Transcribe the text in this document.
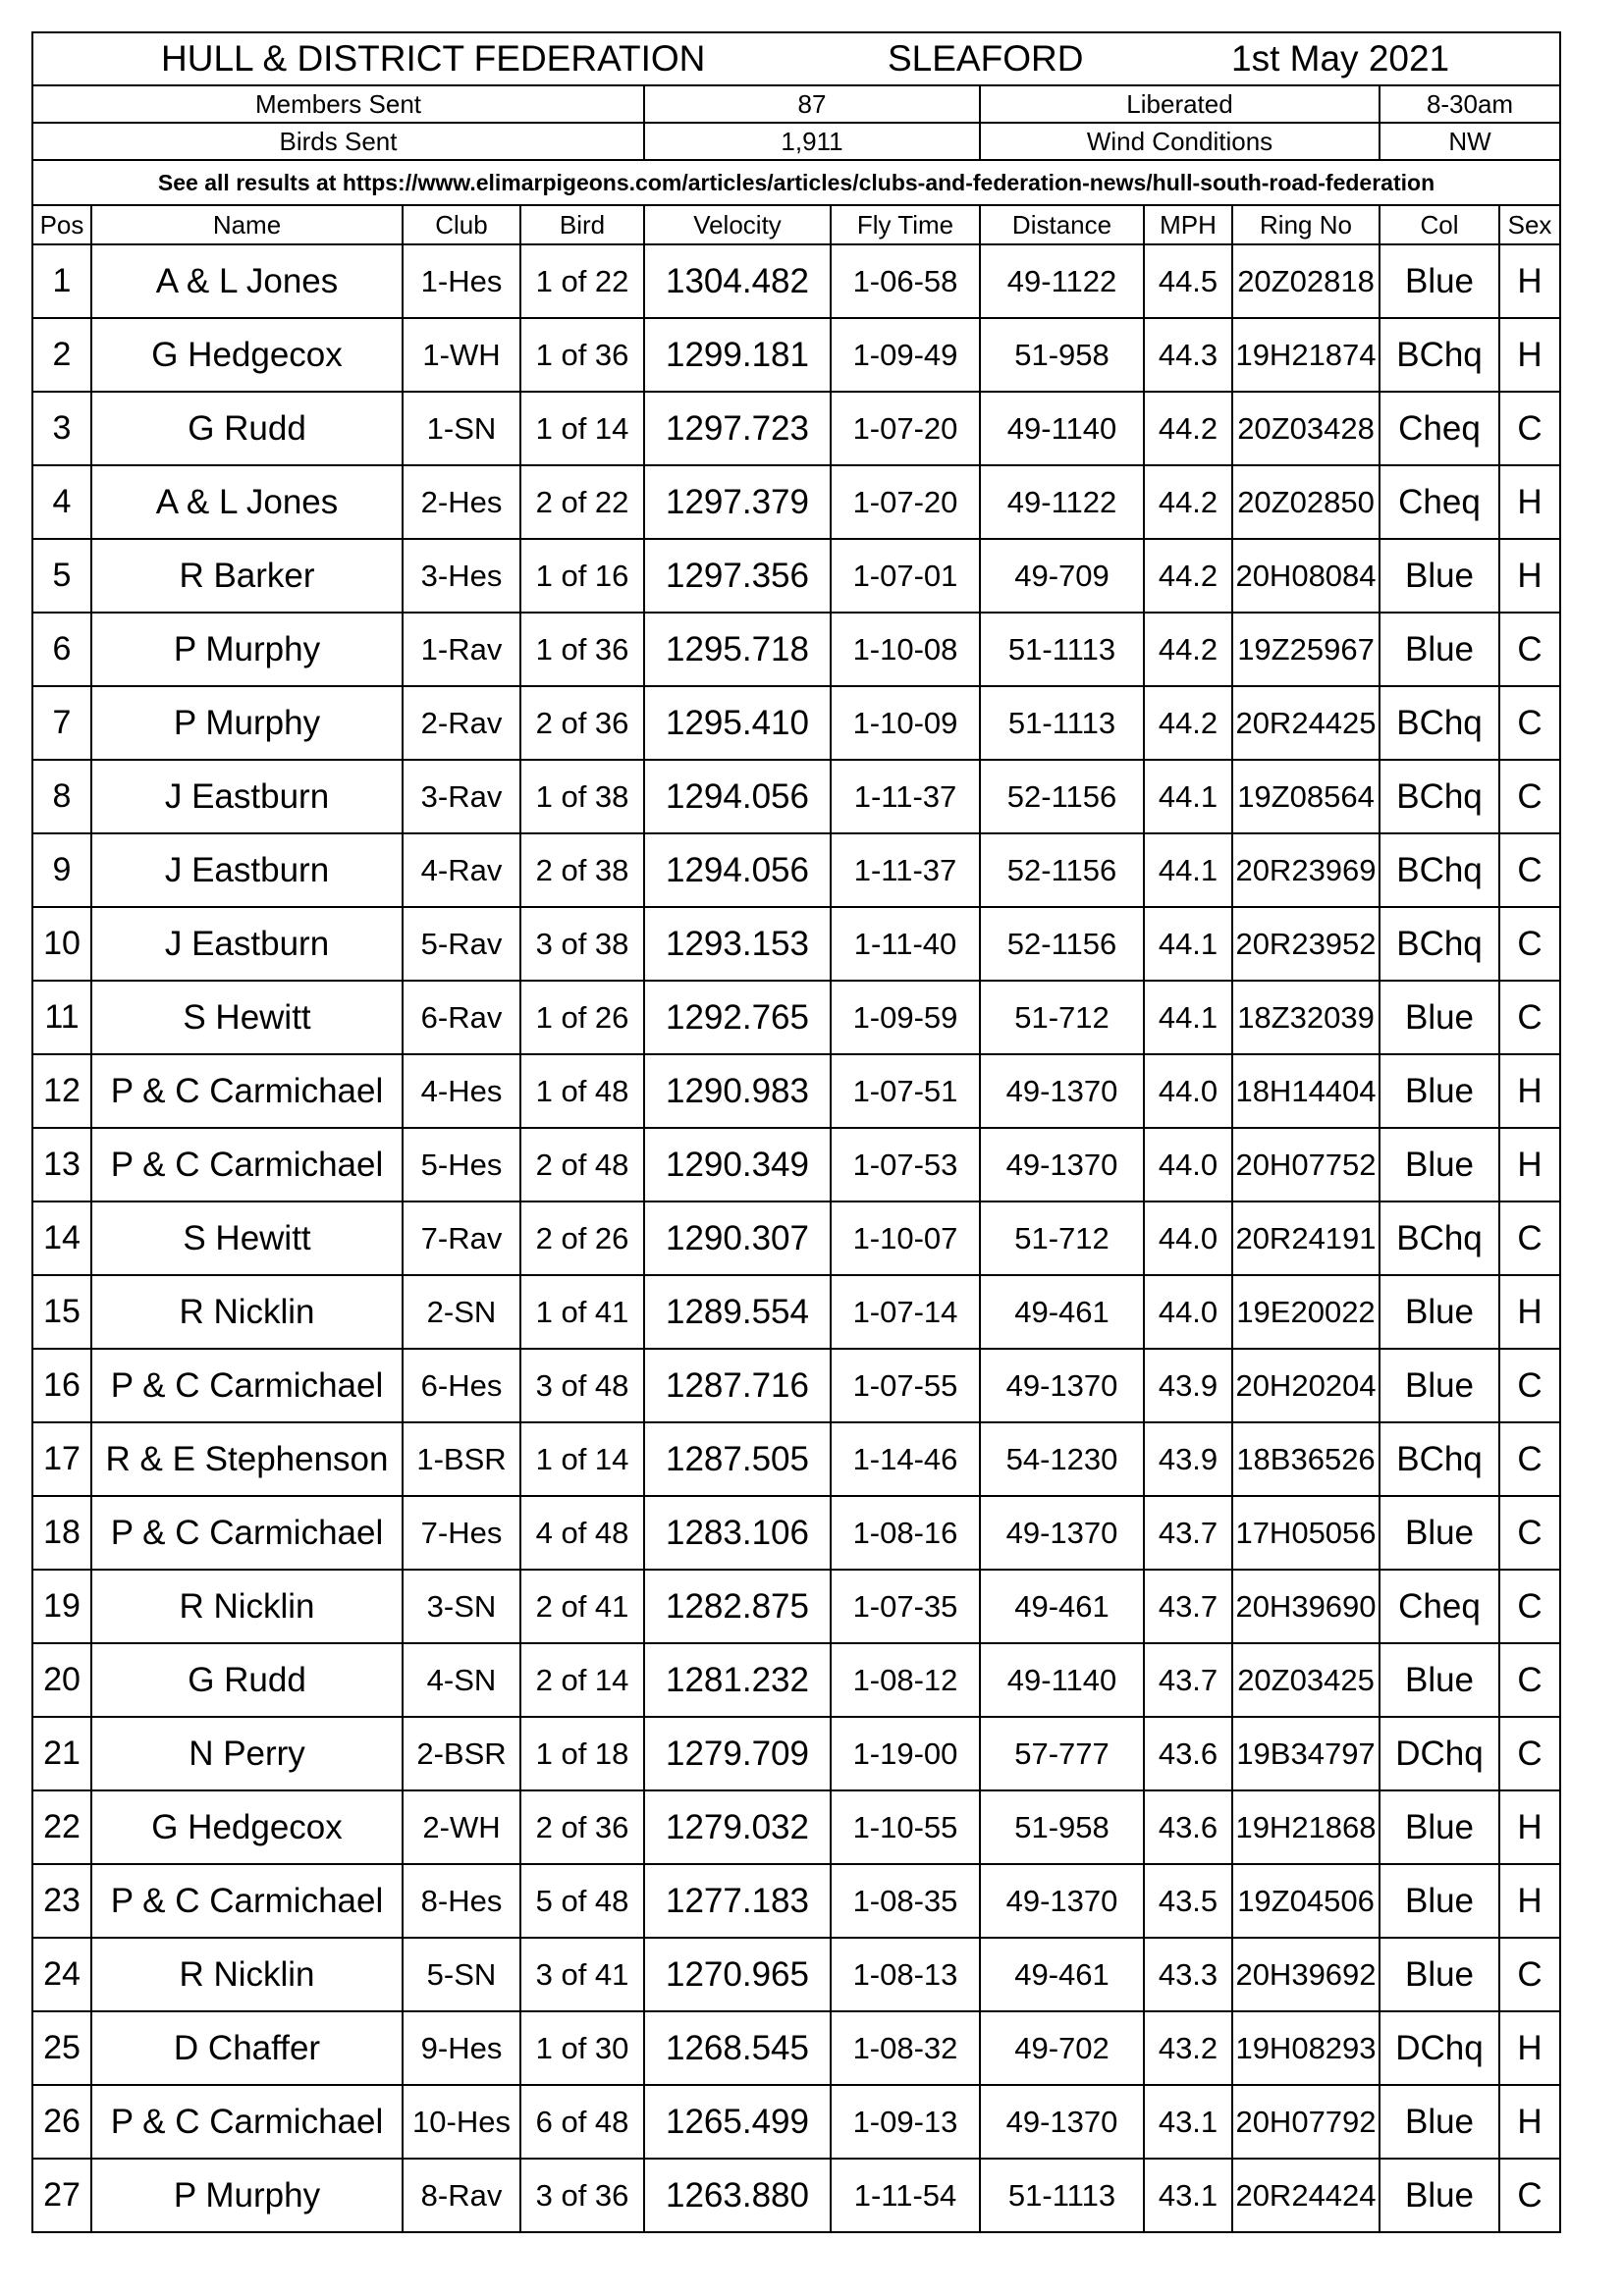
HULL & DISTRICT FEDERATION SLEAFORD 1st May 2021										

Members Sent				87		Liberated			8-30am	
Birds Sent				1,911		Wind Conditions			NW	
See all results at https://www.elimarpigeons.com/articles/articles/clubs-and-federation-news/hull-south-road-federation										
Pos	Name	Club	Bird	Velocity	Fly Time	Distance	MPH	Ring No	Col	Sex
1	A & L Jones	1-Hes	1 of 22	1304.482	1-06-58	49-1122	44.5	20Z02818	Blue	H
2	G Hedgecox	1-WH	1 of 36	1299.181	1-09-49	51-958	44.3	19H21874	BChq	H
3	G Rudd	1-SN	1 of 14	1297.723	1-07-20	49-1140	44.2	20Z03428	Cheq	C
4	A & L Jones	2-Hes	2 of 22	1297.379	1-07-20	49-1122	44.2	20Z02850	Cheq	H
5	R Barker	3-Hes	1 of 16	1297.356	1-07-01	49-709	44.2	20H08084	Blue	H
6	P Murphy	1-Rav	1 of 36	1295.718	1-10-08	51-1113	44.2	19Z25967	Blue	C
7	P Murphy	2-Rav	2 of 36	1295.410	1-10-09	51-1113	44.2	20R24425	BChq	C
8	J Eastburn	3-Rav	1 of 38	1294.056	1-11-37	52-1156	44.1	19Z08564	BChq	C
9	J Eastburn	4-Rav	2 of 38	1294.056	1-11-37	52-1156	44.1	20R23969	BChq	C
10	J Eastburn	5-Rav	3 of 38	1293.153	1-11-40	52-1156	44.1	20R23952	BChq	C
11	S Hewitt	6-Rav	1 of 26	1292.765	1-09-59	51-712	44.1	18Z32039	Blue	C
12	P & C Carmichael	4-Hes	1 of 48	1290.983	1-07-51	49-1370	44.0	18H14404	Blue	H
13	P & C Carmichael	5-Hes	2 of 48	1290.349	1-07-53	49-1370	44.0	20H07752	Blue	H
14	S Hewitt	7-Rav	2 of 26	1290.307	1-10-07	51-712	44.0	20R24191	BChq	C
15	R Nicklin	2-SN	1 of 41	1289.554	1-07-14	49-461	44.0	19E20022	Blue	H
16	P & C Carmichael	6-Hes	3 of 48	1287.716	1-07-55	49-1370	43.9	20H20204	Blue	C
17	R & E Stephenson	1-BSR	1 of 14	1287.505	1-14-46	54-1230	43.9	18B36526	BChq	C
18	P & C Carmichael	7-Hes	4 of 48	1283.106	1-08-16	49-1370	43.7	17H05056	Blue	C
19	R Nicklin	3-SN	2 of 41	1282.875	1-07-35	49-461	43.7	20H39690	Cheq	C
20	G Rudd	4-SN	2 of 14	1281.232	1-08-12	49-1140	43.7	20Z03425	Blue	C
21	N Perry	2-BSR	1 of 18	1279.709	1-19-00	57-777	43.6	19B34797	DChq	C
22	G Hedgecox	2-WH	2 of 36	1279.032	1-10-55	51-958	43.6	19H21868	Blue	H
23	P & C Carmichael	8-Hes	5 of 48	1277.183	1-08-35	49-1370	43.5	19Z04506	Blue	H
24	R Nicklin	5-SN	3 of 41	1270.965	1-08-13	49-461	43.3	20H39692	Blue	C
25	D Chaffer	9-Hes	1 of 30	1268.545	1-08-32	49-702	43.2	19H08293	DChq	H
26	P & C Carmichael	10-Hes	6 of 48	1265.499	1-09-13	49-1370	43.1	20H07792	Blue	H
27	P Murphy	8-Rav	3 of 36	1263.880	1-11-54	51-1113	43.1	20R24424	Blue	C
